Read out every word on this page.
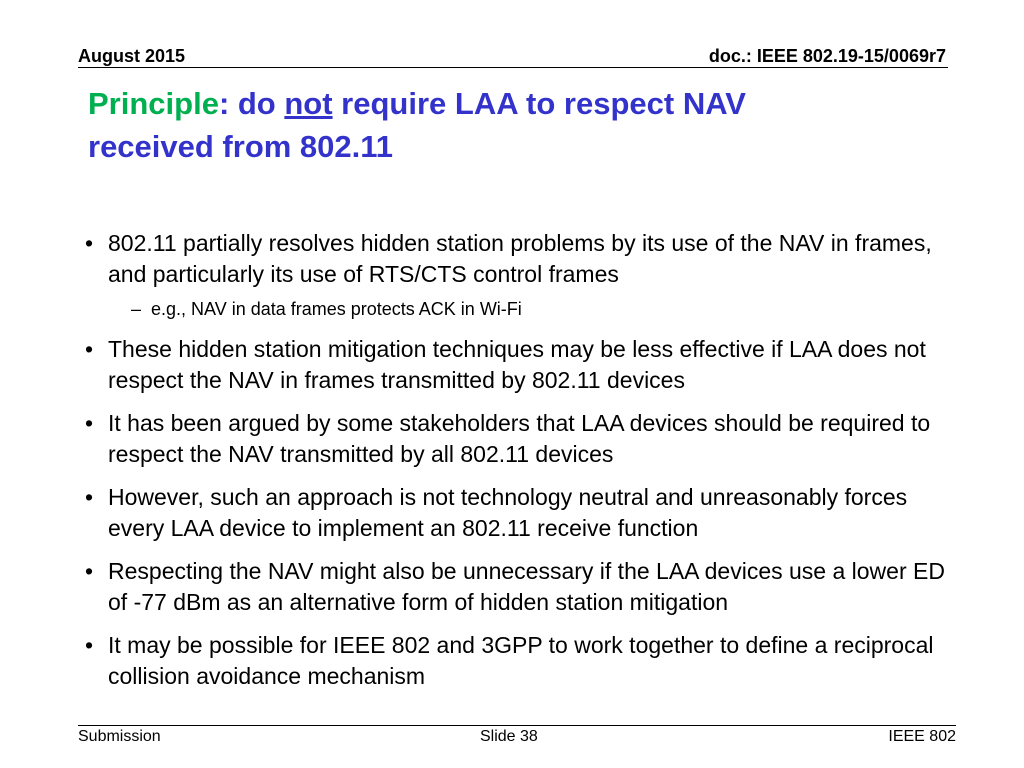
August 2015	doc.: IEEE 802.19-15/0069r7
Principle: do not require LAA to respect NAV
received from 802.11
• 802.11 partially resolves hidden station problems by its use of the NAV in frames, and particularly its use of RTS/CTS control frames
– e.g., NAV in data frames protects ACK in Wi-Fi
• These hidden station mitigation techniques may be less effective if LAA does not respect the NAV in frames transmitted by 802.11 devices
• It has been argued by some stakeholders that LAA devices should be required to respect the NAV transmitted by all 802.11 devices
• However, such an approach is not technology neutral and unreasonably forces every LAA device to implement an 802.11 receive function
• Respecting the NAV might also be unnecessary if the LAA devices use a lower ED of -77 dBm as an alternative form of hidden station mitigation
• It may be possible for IEEE 802 and 3GPP to work together to define a reciprocal collision avoidance mechanism
Submission	Slide 38	IEEE 802
